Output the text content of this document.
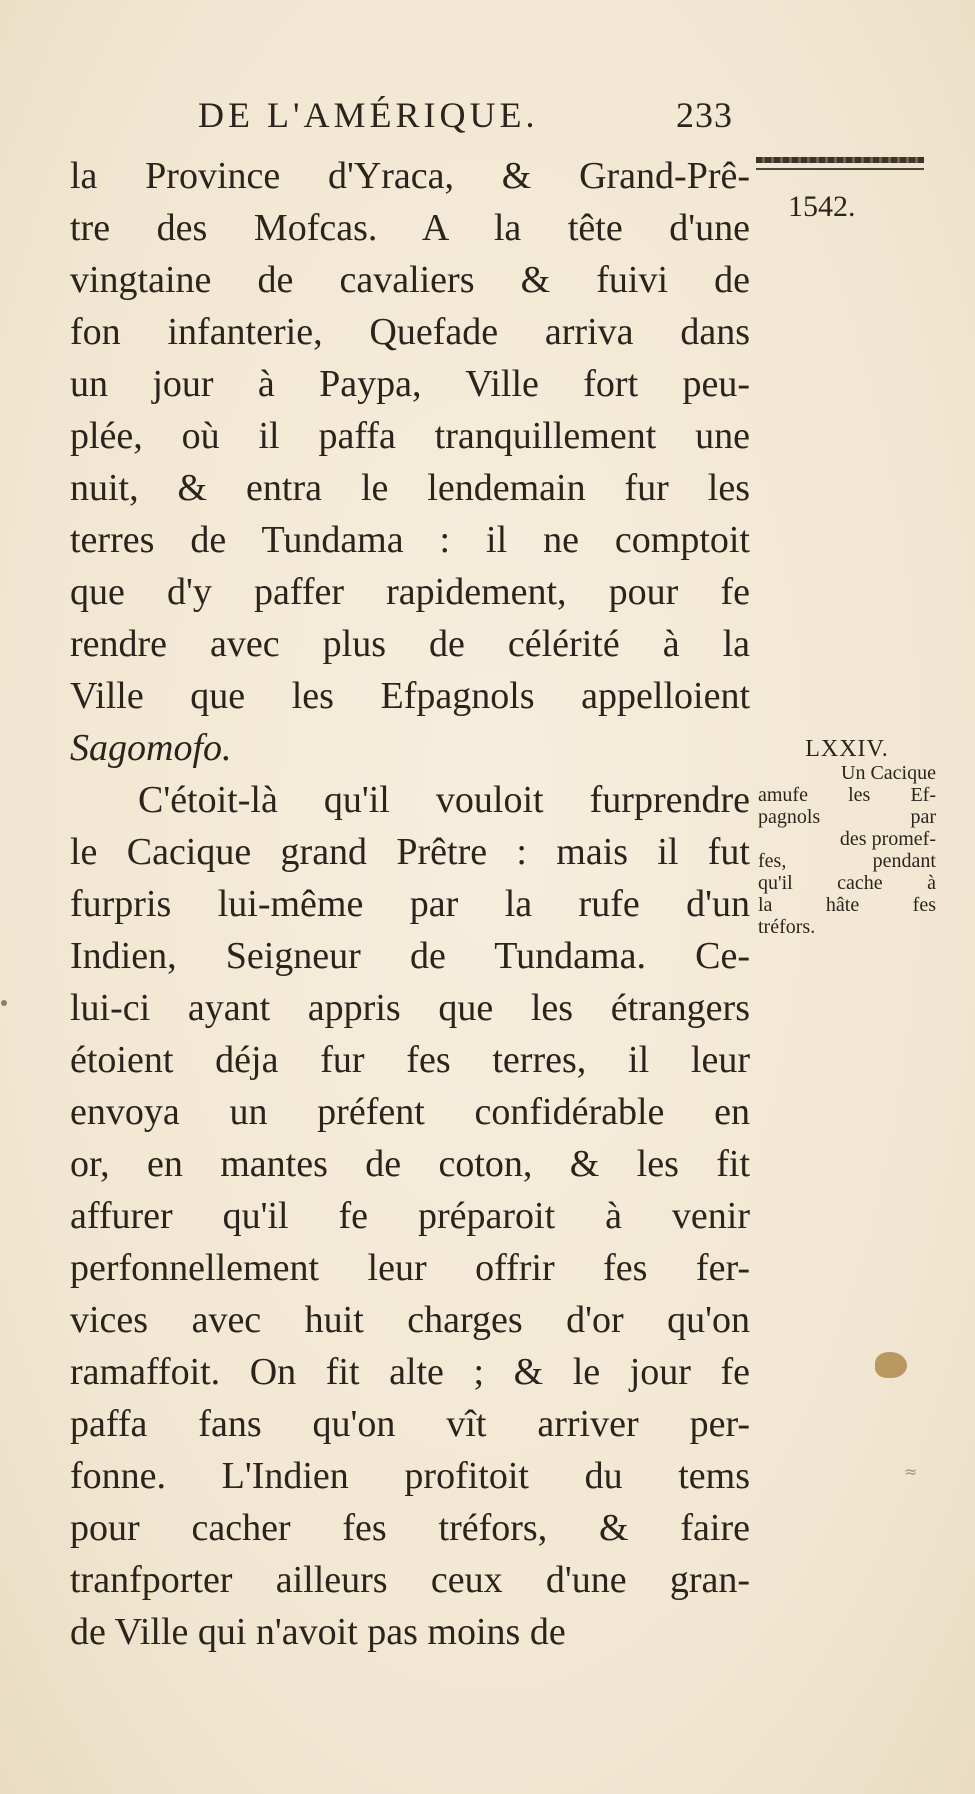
DE L'AMÉRIQUE.	233
1542.
la Province d'Yraca, & Grand-Prê-
tre des Mofcas. A la tête d'une
vingtaine de cavaliers & fuivi de
fon infanterie, Quefade arriva dans
un jour à Paypa, Ville fort peu-
plée, où il paffa tranquillement une
nuit, & entra le lendemain fur les
terres de Tundama : il ne comptoit
que d'y paffer rapidement, pour fe
rendre avec plus de célérité à la
Ville que les Efpagnols appelloient
Sagomofo.
C'étoit-là qu'il vouloit furprendre
le Cacique grand Prêtre : mais il fut
furpris lui-même par la rufe d'un
Indien, Seigneur de Tundama. Ce-
lui-ci ayant appris que les étrangers
étoient déja fur fes terres, il leur
envoya un préfent confidérable en
or, en mantes de coton, & les fit
affurer qu'il fe préparoit à venir
perfonnellement leur offrir fes fer-
vices avec huit charges d'or qu'on
ramaffoit. On fit alte ; & le jour fe
paffa fans qu'on vît arriver per-
fonne. L'Indien profitoit du tems
pour cacher fes tréfors, & faire
tranfporter ailleurs ceux d'une gran-
de Ville qui n'avoit pas moins de
LXXIV.
Un Cacique
amufe les Ef-
pagnols par
des promef-
fes, pendant
qu'il cache à
la hâte fes
tréfors.
≈
